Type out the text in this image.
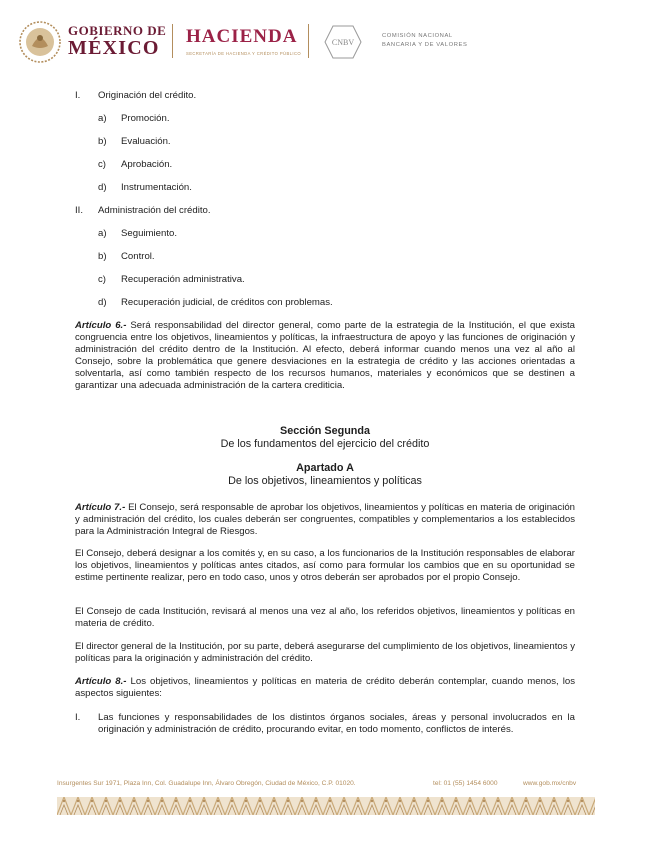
GOBIERNO DE
MÉXICO
HACIENDA
SECRETARÍA DE HACIENDA Y CRÉDITO PÚBLICO
CNBV
COMISIÓN NACIONAL
BANCARIA Y DE VALORES
I. Originación del crédito.
a) Promoción.
b) Evaluación.
c) Aprobación.
d) Instrumentación.
II. Administración del crédito.
a) Seguimiento.
b) Control.
c) Recuperación administrativa.
d) Recuperación judicial, de créditos con problemas.

Artículo 6.- Será responsabilidad del director general, como parte de la estrategia de la Institución, el que exista congruencia entre los objetivos, lineamientos y políticas, la infraestructura de apoyo y las funciones de originación y administración del crédito dentro de la Institución. Al efecto, deberá informar cuando menos una vez al año al Consejo, sobre la problemática que genere desviaciones en la estrategia de crédito y las acciones orientadas a solventarla, así como también respecto de los recursos humanos, materiales y económicos que se destinen a garantizar una adecuada administración de la cartera crediticia.

Sección Segunda

De los fundamentos del ejercicio del crédito

Apartado A

De los objetivos, lineamientos y políticas

Artículo 7.- El Consejo, será responsable de aprobar los objetivos, lineamientos y políticas en materia de originación y administración del crédito, los cuales deberán ser congruentes, compatibles y complementarios a los establecidos para la Administración Integral de Riesgos.

El Consejo, deberá designar a los comités y, en su caso, a los funcionarios de la Institución responsables de elaborar los objetivos, lineamientos y políticas antes citados, así como para formular los cambios que en su oportunidad se estime pertinente realizar, pero en todo caso, unos y otros deberán ser aprobados por el propio Consejo.

El Consejo de cada Institución, revisará al menos una vez al año, los referidos objetivos, lineamientos y políticas en materia de crédito.

El director general de la Institución, por su parte, deberá asegurarse del cumplimiento de los objetivos, lineamientos y políticas para la originación y administración del crédito.

Artículo 8.- Los objetivos, lineamientos y políticas en materia de crédito deberán contemplar, cuando menos, los aspectos siguientes:

I. Las funciones y responsabilidades de los distintos órganos sociales, áreas y personal involucrados en la originación y administración de crédito, procurando evitar, en todo momento, conflictos de interés.

Insurgentes Sur 1971, Plaza Inn, Col. Guadalupe Inn, Álvaro Obregón, Ciudad de México, C.P. 01020.	tel: 01 (55) 1454 6000	www.gob.mx/cnbv
